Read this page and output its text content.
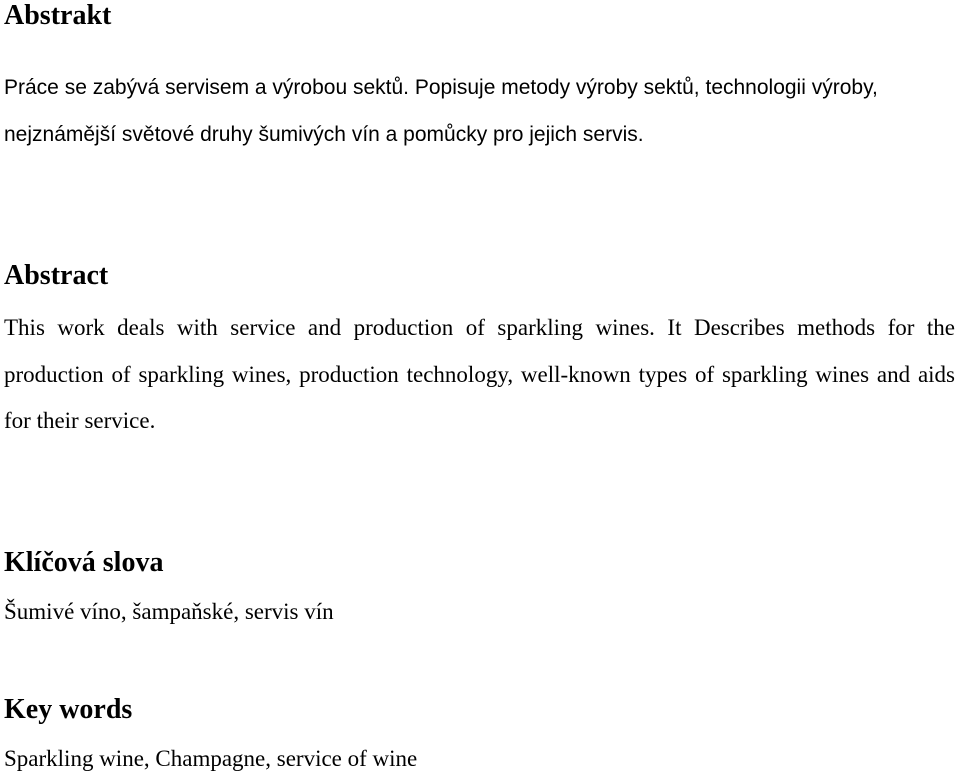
Abstrakt

Práce se zabývá servisem a výrobou sektů. Popisuje metody výroby sektů, technologii výroby, nejznámější světové druhy šumivých vín a pomůcky pro jejich servis.

Abstract

This work deals with service and production of sparkling wines. It Describes methods for the production of sparkling wines, production technology, well-known types of sparkling wines and aids for their service.

Klíčová slova

Šumivé víno, šampaňské, servis vín

Key words

Sparkling wine, Champagne, service of wine
